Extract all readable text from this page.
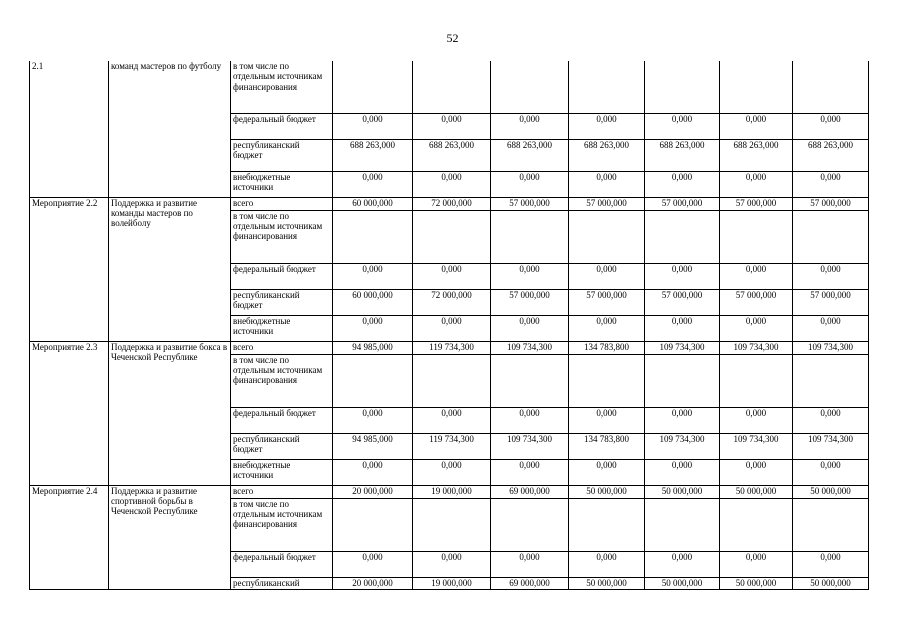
52
2.1	команд мастеров по футболу	в том числе по отдельным источникам финансирования							
		федеральный бюджет	0,000	0,000	0,000	0,000	0,000	0,000	0,000
		республиканский бюджет	688 263,000	688 263,000	688 263,000	688 263,000	688 263,000	688 263,000	688 263,000
		внебюджетные источники	0,000	0,000	0,000	0,000	0,000	0,000	0,000
Мероприятие 2.2	Поддержка и развитие команды мастеров по волейболу	всего	60 000,000	72 000,000	57 000,000	57 000,000	57 000,000	57 000,000	57 000,000
		в том числе по отдельным источникам финансирования							
		федеральный бюджет	0,000	0,000	0,000	0,000	0,000	0,000	0,000
		республиканский бюджет	60 000,000	72 000,000	57 000,000	57 000,000	57 000,000	57 000,000	57 000,000
		внебюджетные источники	0,000	0,000	0,000	0,000	0,000	0,000	0,000
Мероприятие 2.3	Поддержка и развитие бокса в Чеченской Республике	всего	94 985,000	119 734,300	109 734,300	134 783,800	109 734,300	109 734,300	109 734,300
		в том числе по отдельным источникам финансирования							
		федеральный бюджет	0,000	0,000	0,000	0,000	0,000	0,000	0,000
		республиканский бюджет	94 985,000	119 734,300	109 734,300	134 783,800	109 734,300	109 734,300	109 734,300
		внебюджетные источники	0,000	0,000	0,000	0,000	0,000	0,000	0,000
Мероприятие 2.4	Поддержка и развитие спортивной борьбы в Чеченской Республике	всего	20 000,000	19 000,000	69 000,000	50 000,000	50 000,000	50 000,000	50 000,000
		в том числе по отдельным источникам финансирования							
		федеральный бюджет	0,000	0,000	0,000	0,000	0,000	0,000	0,000
		республиканский	20 000,000	19 000,000	69 000,000	50 000,000	50 000,000	50 000,000	50 000,000
